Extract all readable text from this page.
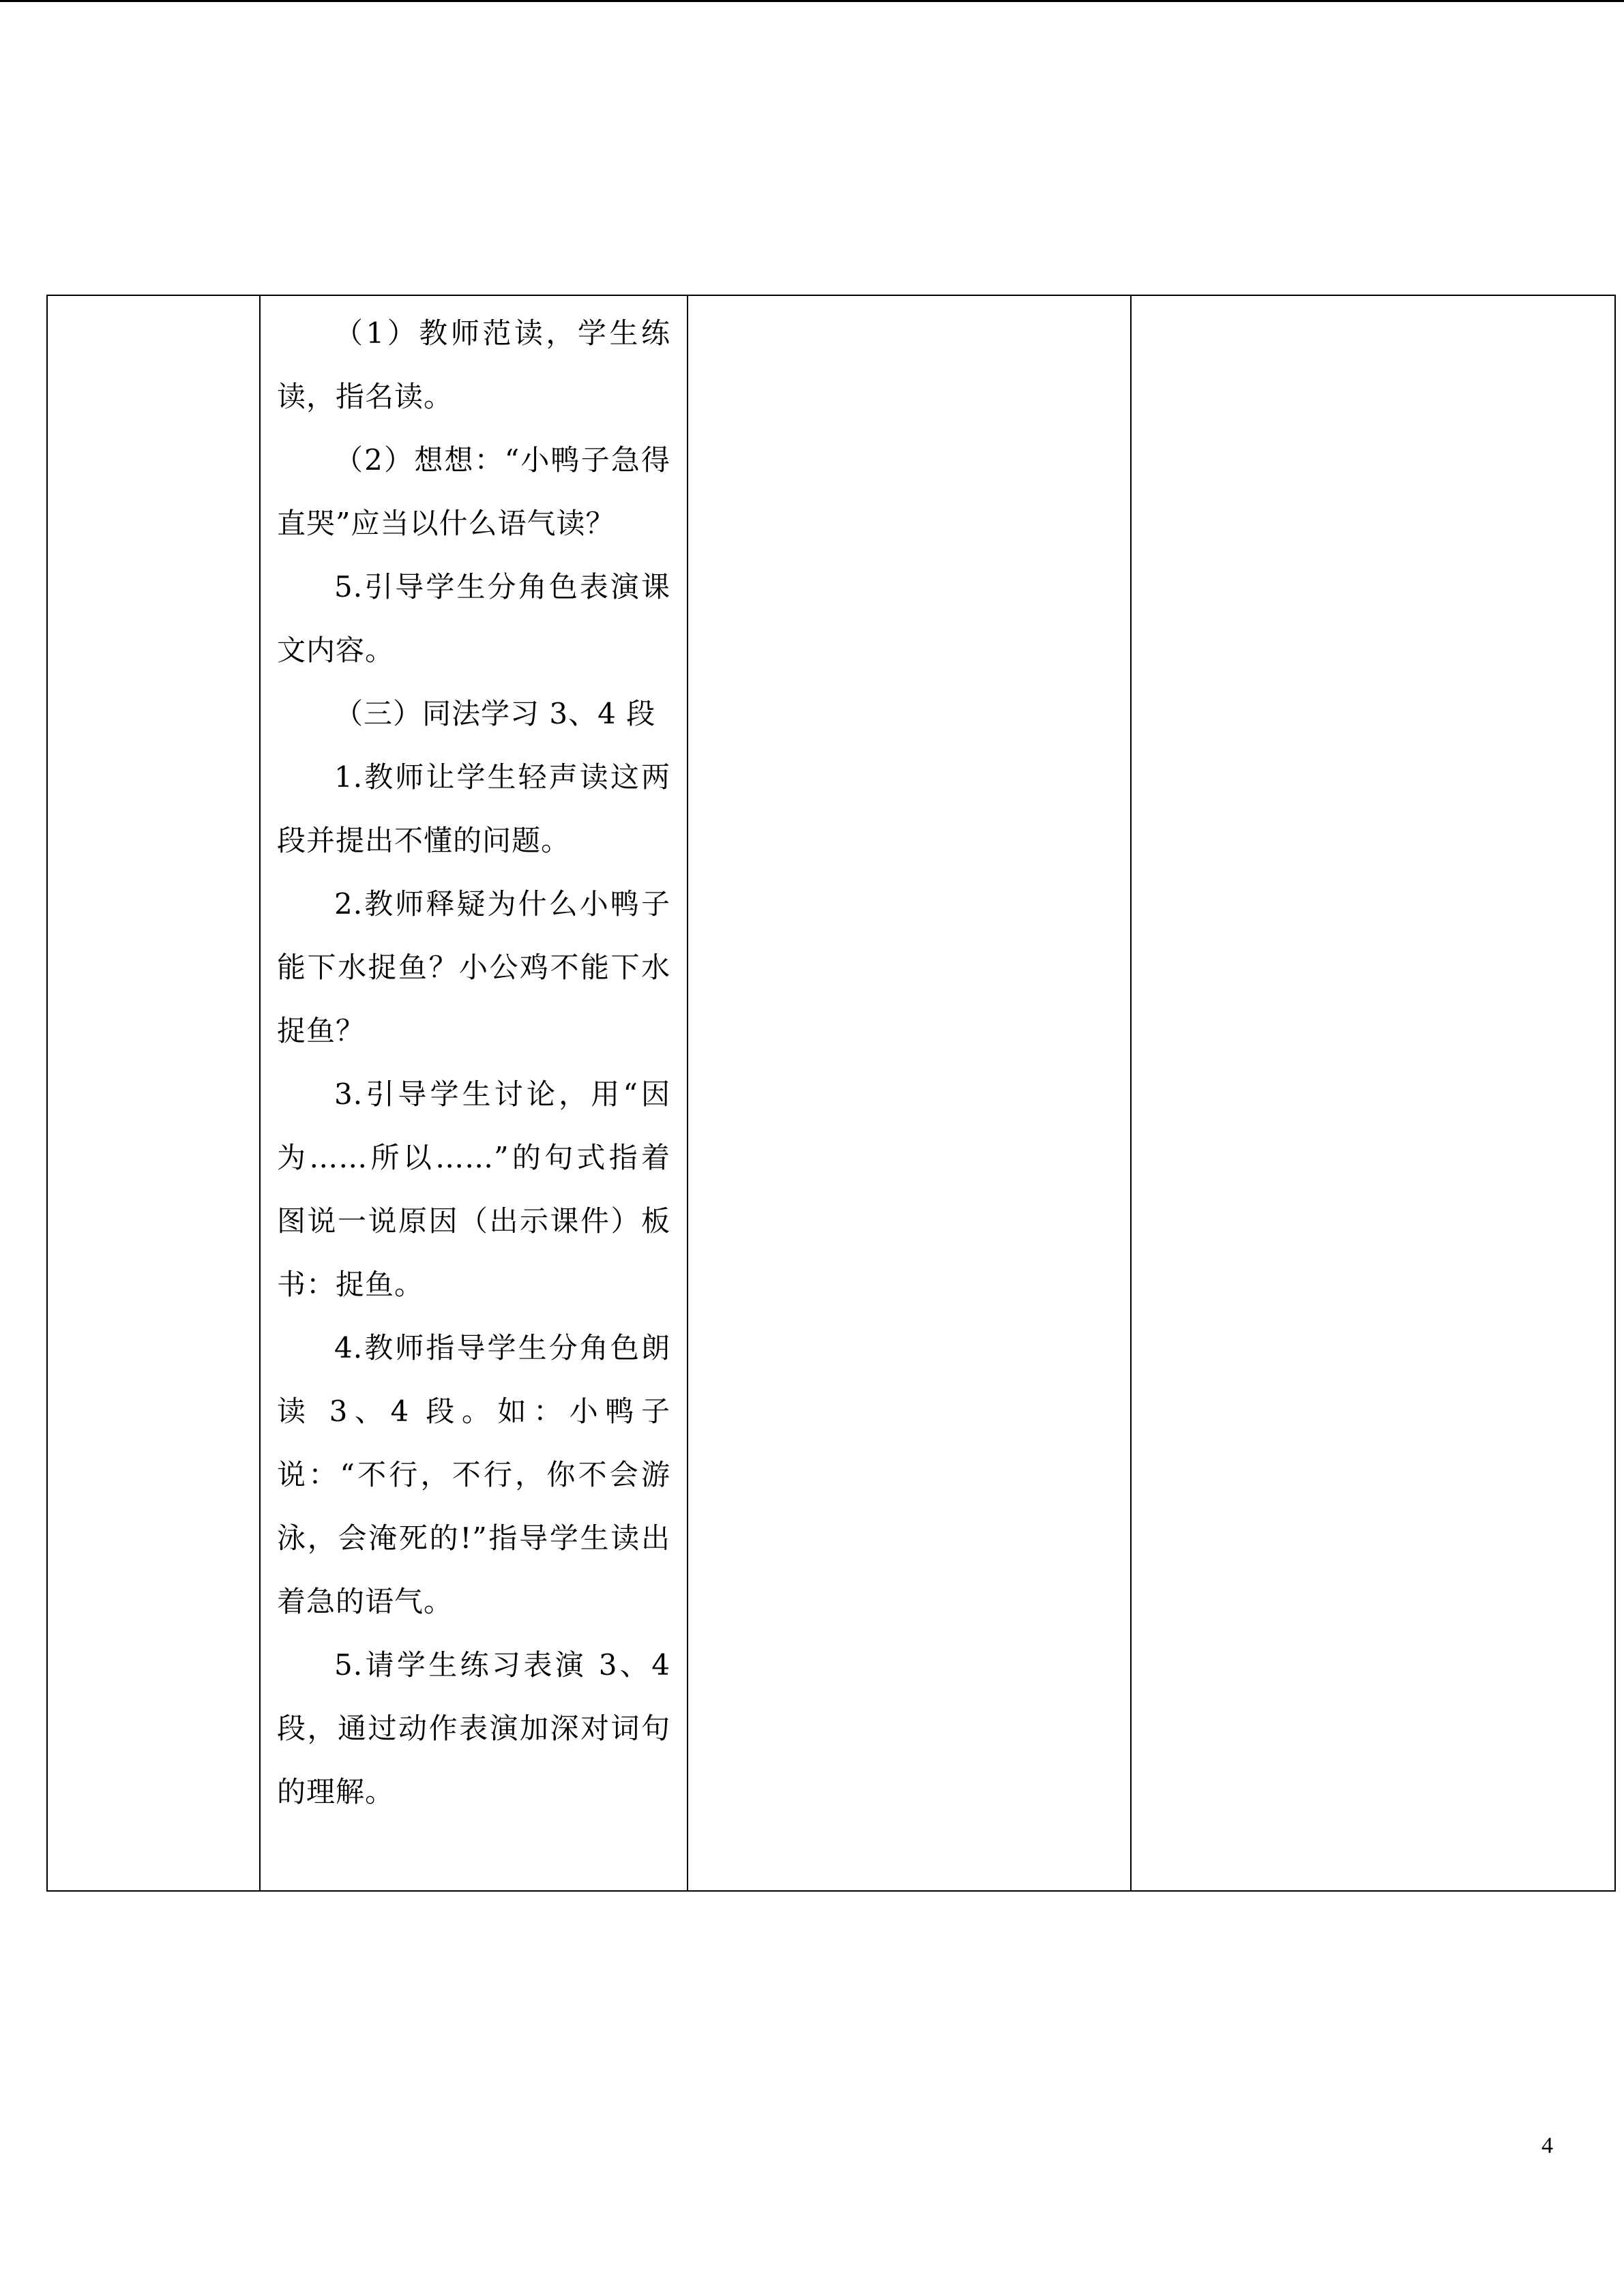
（1）教师范读，学生练读，指名读。

（2）想想：“小鸭子急得直哭”应当以什么语气读？

5.引导学生分角色表演课文内容。

（三）同法学习 3、4 段

1.教师让学生轻声读这两段并提出不懂的问题。

2.教师释疑为什么小鸭子能下水捉鱼？小公鸡不能下水捉鱼？

3.引导学生讨论，用“因为……所以……”的句式指着图说一说原因（出示课件）板书：捉鱼。

4.教师指导学生分角色朗读 3、4 段。如：小鸭子说：“不行，不行，你不会游泳，会淹死的!”指导学生读出着急的语气。

5.请学生练习表演 3、4 段，通过动作表演加深对词句的理解。

4
